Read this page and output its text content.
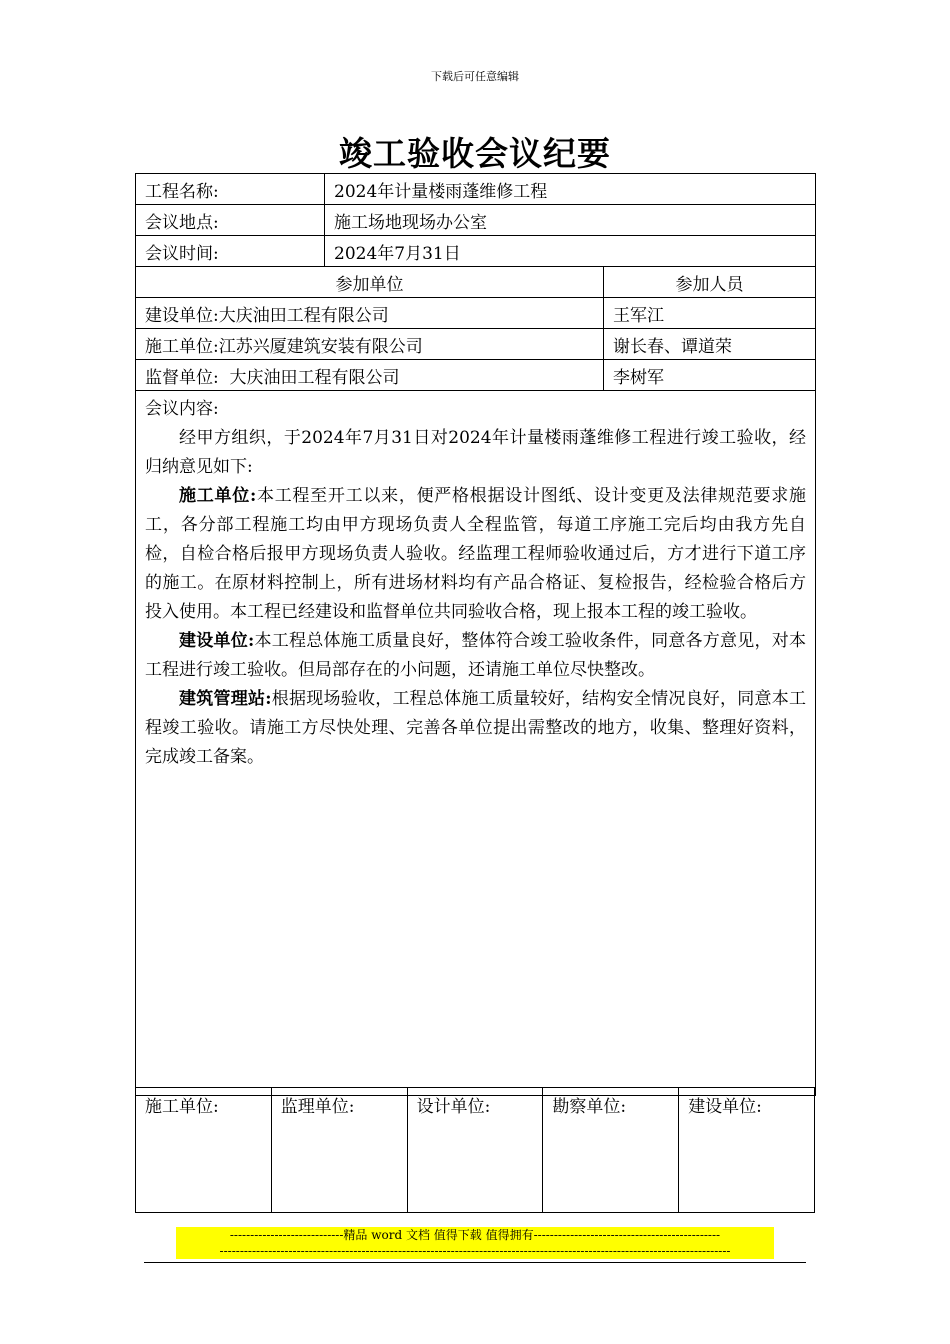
下载后可任意编辑
竣工验收会议纪要
工程名称:	2024年计量楼雨蓬维修工程	
会议地点:	施工场地现场办公室	
会议时间:	2024年7月31日	
参加单位		参加人员
建设单位:大庆油田工程有限公司		王军江
施工单位:江苏兴厦建筑安装有限公司		谢长春、谭道荣
监督单位:  大庆油田工程有限公司		李树军

会议内容:

经甲方组织，于2024年7月31日对2024年计量楼雨蓬维修工程进行竣工验收，经归纳意见如下:

施工单位:本工程至开工以来，便严格根据设计图纸、设计变更及法律规范要求施工，各分部工程施工均由甲方现场负责人全程监管，每道工序施工完后均由我方先自检，自检合格后报甲方现场负责人验收。经监理工程师验收通过后，方才进行下道工序的施工。在原材料控制上，所有进场材料均有产品合格证、复检报告，经检验合格后方投入使用。本工程已经建设和监督单位共同验收合格，现上报本工程的竣工验收。

建设单位:本工程总体施工质量良好，整体符合竣工验收条件，同意各方意见，对本工程进行竣工验收。但局部存在的小问题，还请施工单位尽快整改。

建筑管理站:根据现场验收，工程总体施工质量较好，结构安全情况良好，同意本工程竣工验收。请施工方尽快处理、完善各单位提出需整改的地方，收集、整理好资料，完成竣工备案。		

施工单位:	监理单位:	设计单位:	勘察单位:	建设单位:
----------------------------精品 word 文档 值得下载 值得拥有----------------------------------------------
------------------------------------------------------------------------------------------------------------------------------
